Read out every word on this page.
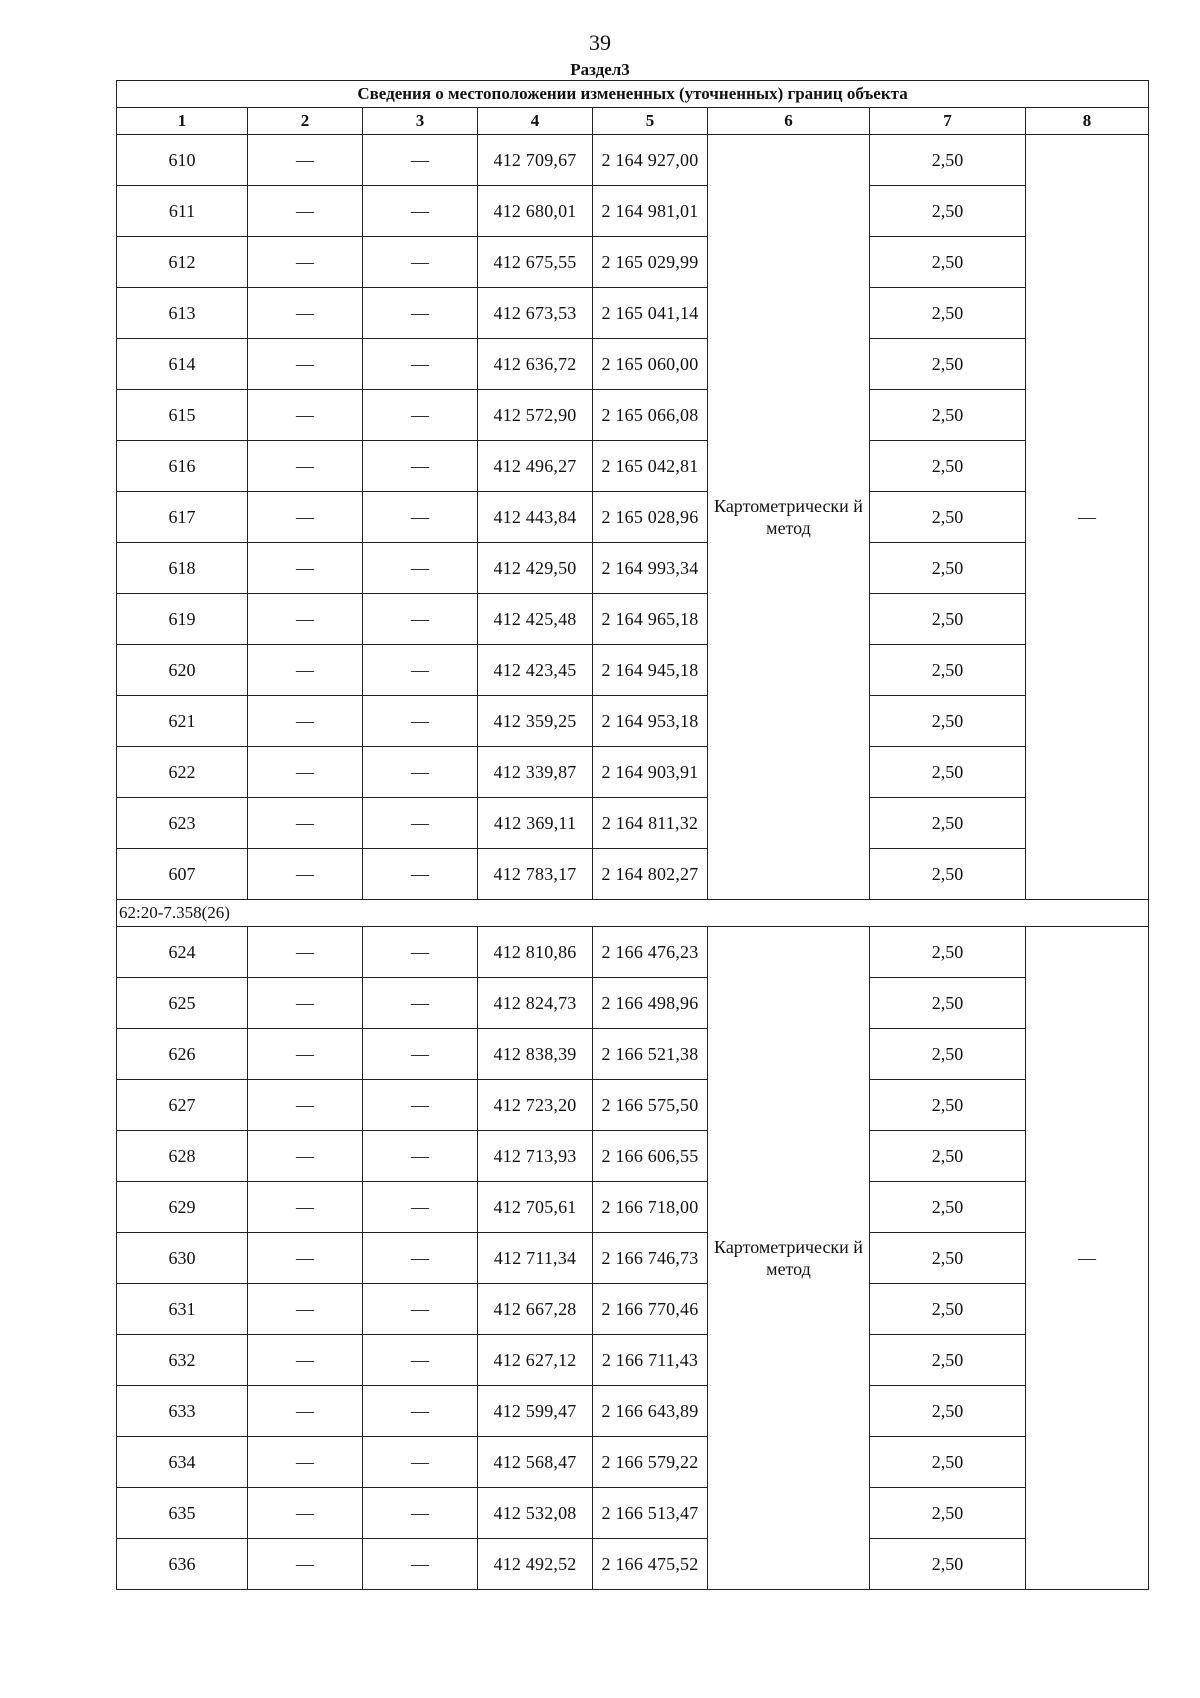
39
Раздел3
Сведения о местоположении измененных (уточненных) границ объекта							
1	2	3	4	5	6	7	8
610	—	—	412 709,67	2 164 927,00	Картометрически й метод	2,50	—
611	—	—	412 680,01	2 164 981,01		2,50	
612	—	—	412 675,55	2 165 029,99		2,50	
613	—	—	412 673,53	2 165 041,14		2,50	
614	—	—	412 636,72	2 165 060,00		2,50	
615	—	—	412 572,90	2 165 066,08		2,50	
616	—	—	412 496,27	2 165 042,81		2,50	
617	—	—	412 443,84	2 165 028,96		2,50	
618	—	—	412 429,50	2 164 993,34		2,50	
619	—	—	412 425,48	2 164 965,18		2,50	
620	—	—	412 423,45	2 164 945,18		2,50	
621	—	—	412 359,25	2 164 953,18		2,50	
622	—	—	412 339,87	2 164 903,91		2,50	
623	—	—	412 369,11	2 164 811,32		2,50	
607	—	—	412 783,17	2 164 802,27		2,50	
62:20-7.358(26)							
624	—	—	412 810,86	2 166 476,23	Картометрически й метод	2,50	—
625	—	—	412 824,73	2 166 498,96		2,50	
626	—	—	412 838,39	2 166 521,38		2,50	
627	—	—	412 723,20	2 166 575,50		2,50	
628	—	—	412 713,93	2 166 606,55		2,50	
629	—	—	412 705,61	2 166 718,00		2,50	
630	—	—	412 711,34	2 166 746,73		2,50	
631	—	—	412 667,28	2 166 770,46		2,50	
632	—	—	412 627,12	2 166 711,43		2,50	
633	—	—	412 599,47	2 166 643,89		2,50	
634	—	—	412 568,47	2 166 579,22		2,50	
635	—	—	412 532,08	2 166 513,47		2,50	
636	—	—	412 492,52	2 166 475,52		2,50	
